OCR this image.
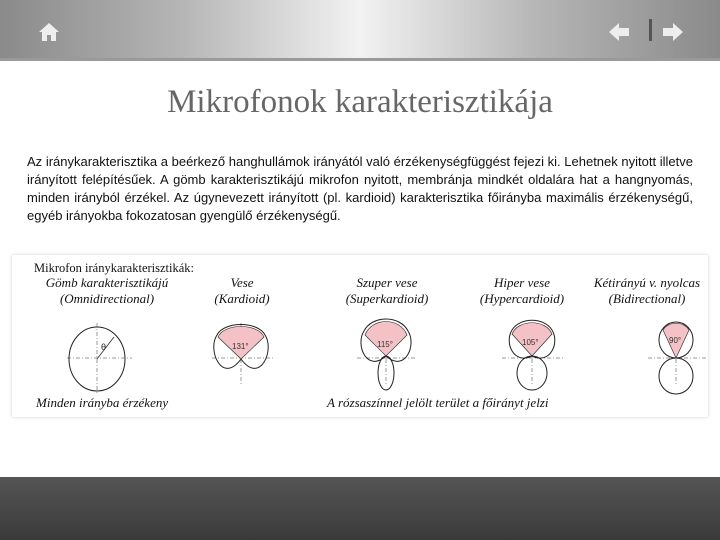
Mikrofonok karakterisztikája
Az iránykarakterisztika a beérkező hanghullámok irányától való érzékenységfüggést fejezi ki. Lehetnek nyitott illetve irányított felépítésűek. A gömb karakterisztikájú mikrofon nyitott, membránja mindkét oldalára hat a hangnyomás, minden irányból érzékel. Az úgynevezett irányított (pl. kardioid) karakterisztika főirányba maximális érzékenységű, egyéb irányokba fokozatosan gyengülő érzékenységű.
Mikrofon iránykarakterisztikák:
Gömb karakterisztikájú
(Omnidirectional)
Vese
(Kardioid)
Szuper vese
(Superkardioid)
Hiper vese
(Hypercardioid)
Kétirányú v. nyolcas
(Bidirectional)
θ	131°	115°	105°	90°
Minden irányba érzékeny	A rózsaszínnel jelölt terület a főirányt jelzi
